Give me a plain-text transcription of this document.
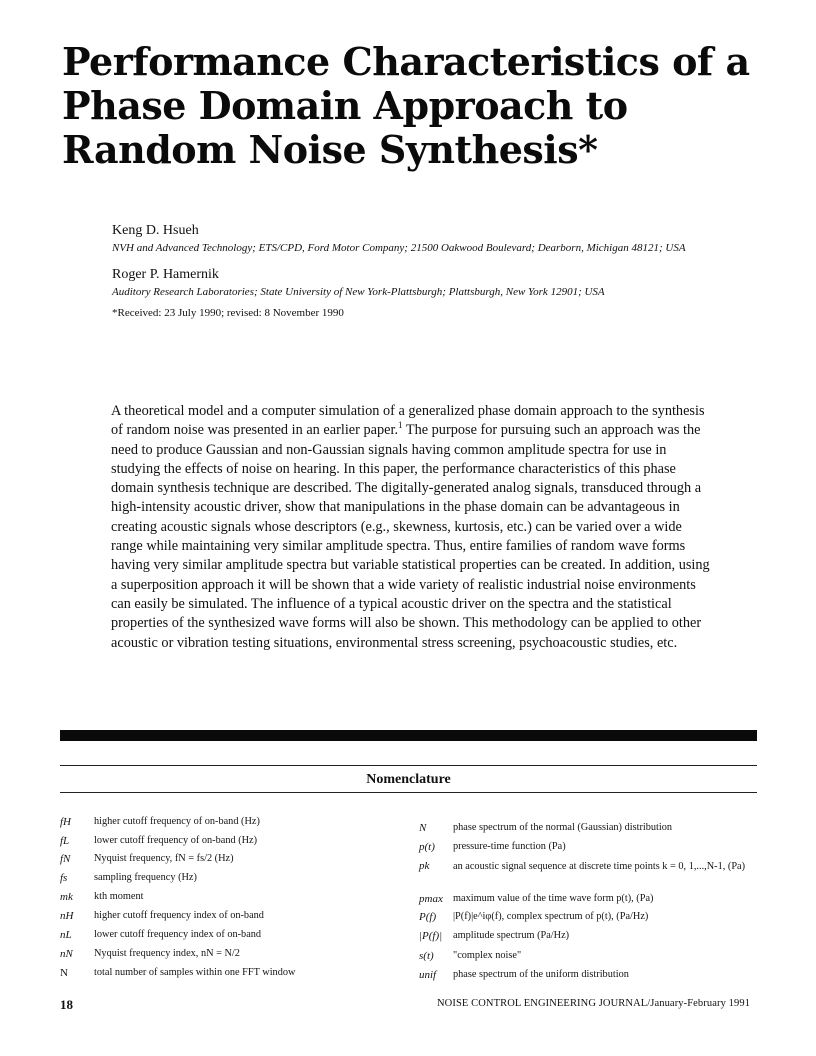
Performance Characteristics of a Phase Domain Approach to Random Noise Synthesis*

Keng D. Hsueh

NVH and Advanced Technology; ETS/CPD, Ford Motor Company; 21500 Oakwood Boulevard; Dearborn, Michigan 48121; USA

Roger P. Hamernik

Auditory Research Laboratories; State University of New York-Plattsburgh; Plattsburgh, New York 12901; USA

*Received: 23 July 1990; revised: 8 November 1990

A theoretical model and a computer simulation of a generalized phase domain approach to the synthesis of random noise was presented in an earlier paper.$^1$ The purpose for pursuing such an approach was the need to produce Gaussian and non-Gaussian signals having common amplitude spectra for use in studying the effects of noise on hearing. In this paper, the performance characteristics of this phase domain synthesis technique are described. The digitally-generated analog signals, transduced through a high-intensity acoustic driver, show that manipulations in the phase domain can be advantageous in creating acoustic signals whose descriptors (e.g., skewness, kurtosis, etc.) can be varied over a wide range while maintaining very similar amplitude spectra. Thus, entire families of random wave forms having very similar amplitude spectra but variable statistical properties can be created. In addition, using a superposition approach it will be shown that a wide variety of realistic industrial noise environments can easily be simulated. The influence of a typical acoustic driver on the spectra and the statistical properties of the synthesized wave forms will also be shown. This methodology can be applied to other acoustic or vibration testing situations, environmental stress screening, psychoacoustic studies, etc.

Nomenclature
fH higher cutoff frequency of on-band (Hz)
fL lower cutoff frequency of on-band (Hz)
fN Nyquist frequency, fN = fs/2 (Hz)
fs	sampling frequency (Hz)
mk kth moment
nH higher cutoff frequency index of on-band
nL lower cutoff frequency index of on-band
nN Nyquist frequency index, nN = N/2
N	total number of samples within one FFT window
N	phase spectrum of the normal (Gaussian) distribution
p(t) pressure-time function (Pa)
pk an acoustic signal sequence at discrete time points k = 0, 1,...,N-1, (Pa)
pmax maximum value of the time wave form p(t), (Pa)
P(f) |P(f)|e^iφ(f), complex spectrum of p(t), (Pa/Hz)
|P(f)| amplitude spectrum (Pa/Hz)
s(t) "complex noise"
unif phase spectrum of the uniform distribution
18	NOISE CONTROL ENGINEERING JOURNAL/January-February 1991
